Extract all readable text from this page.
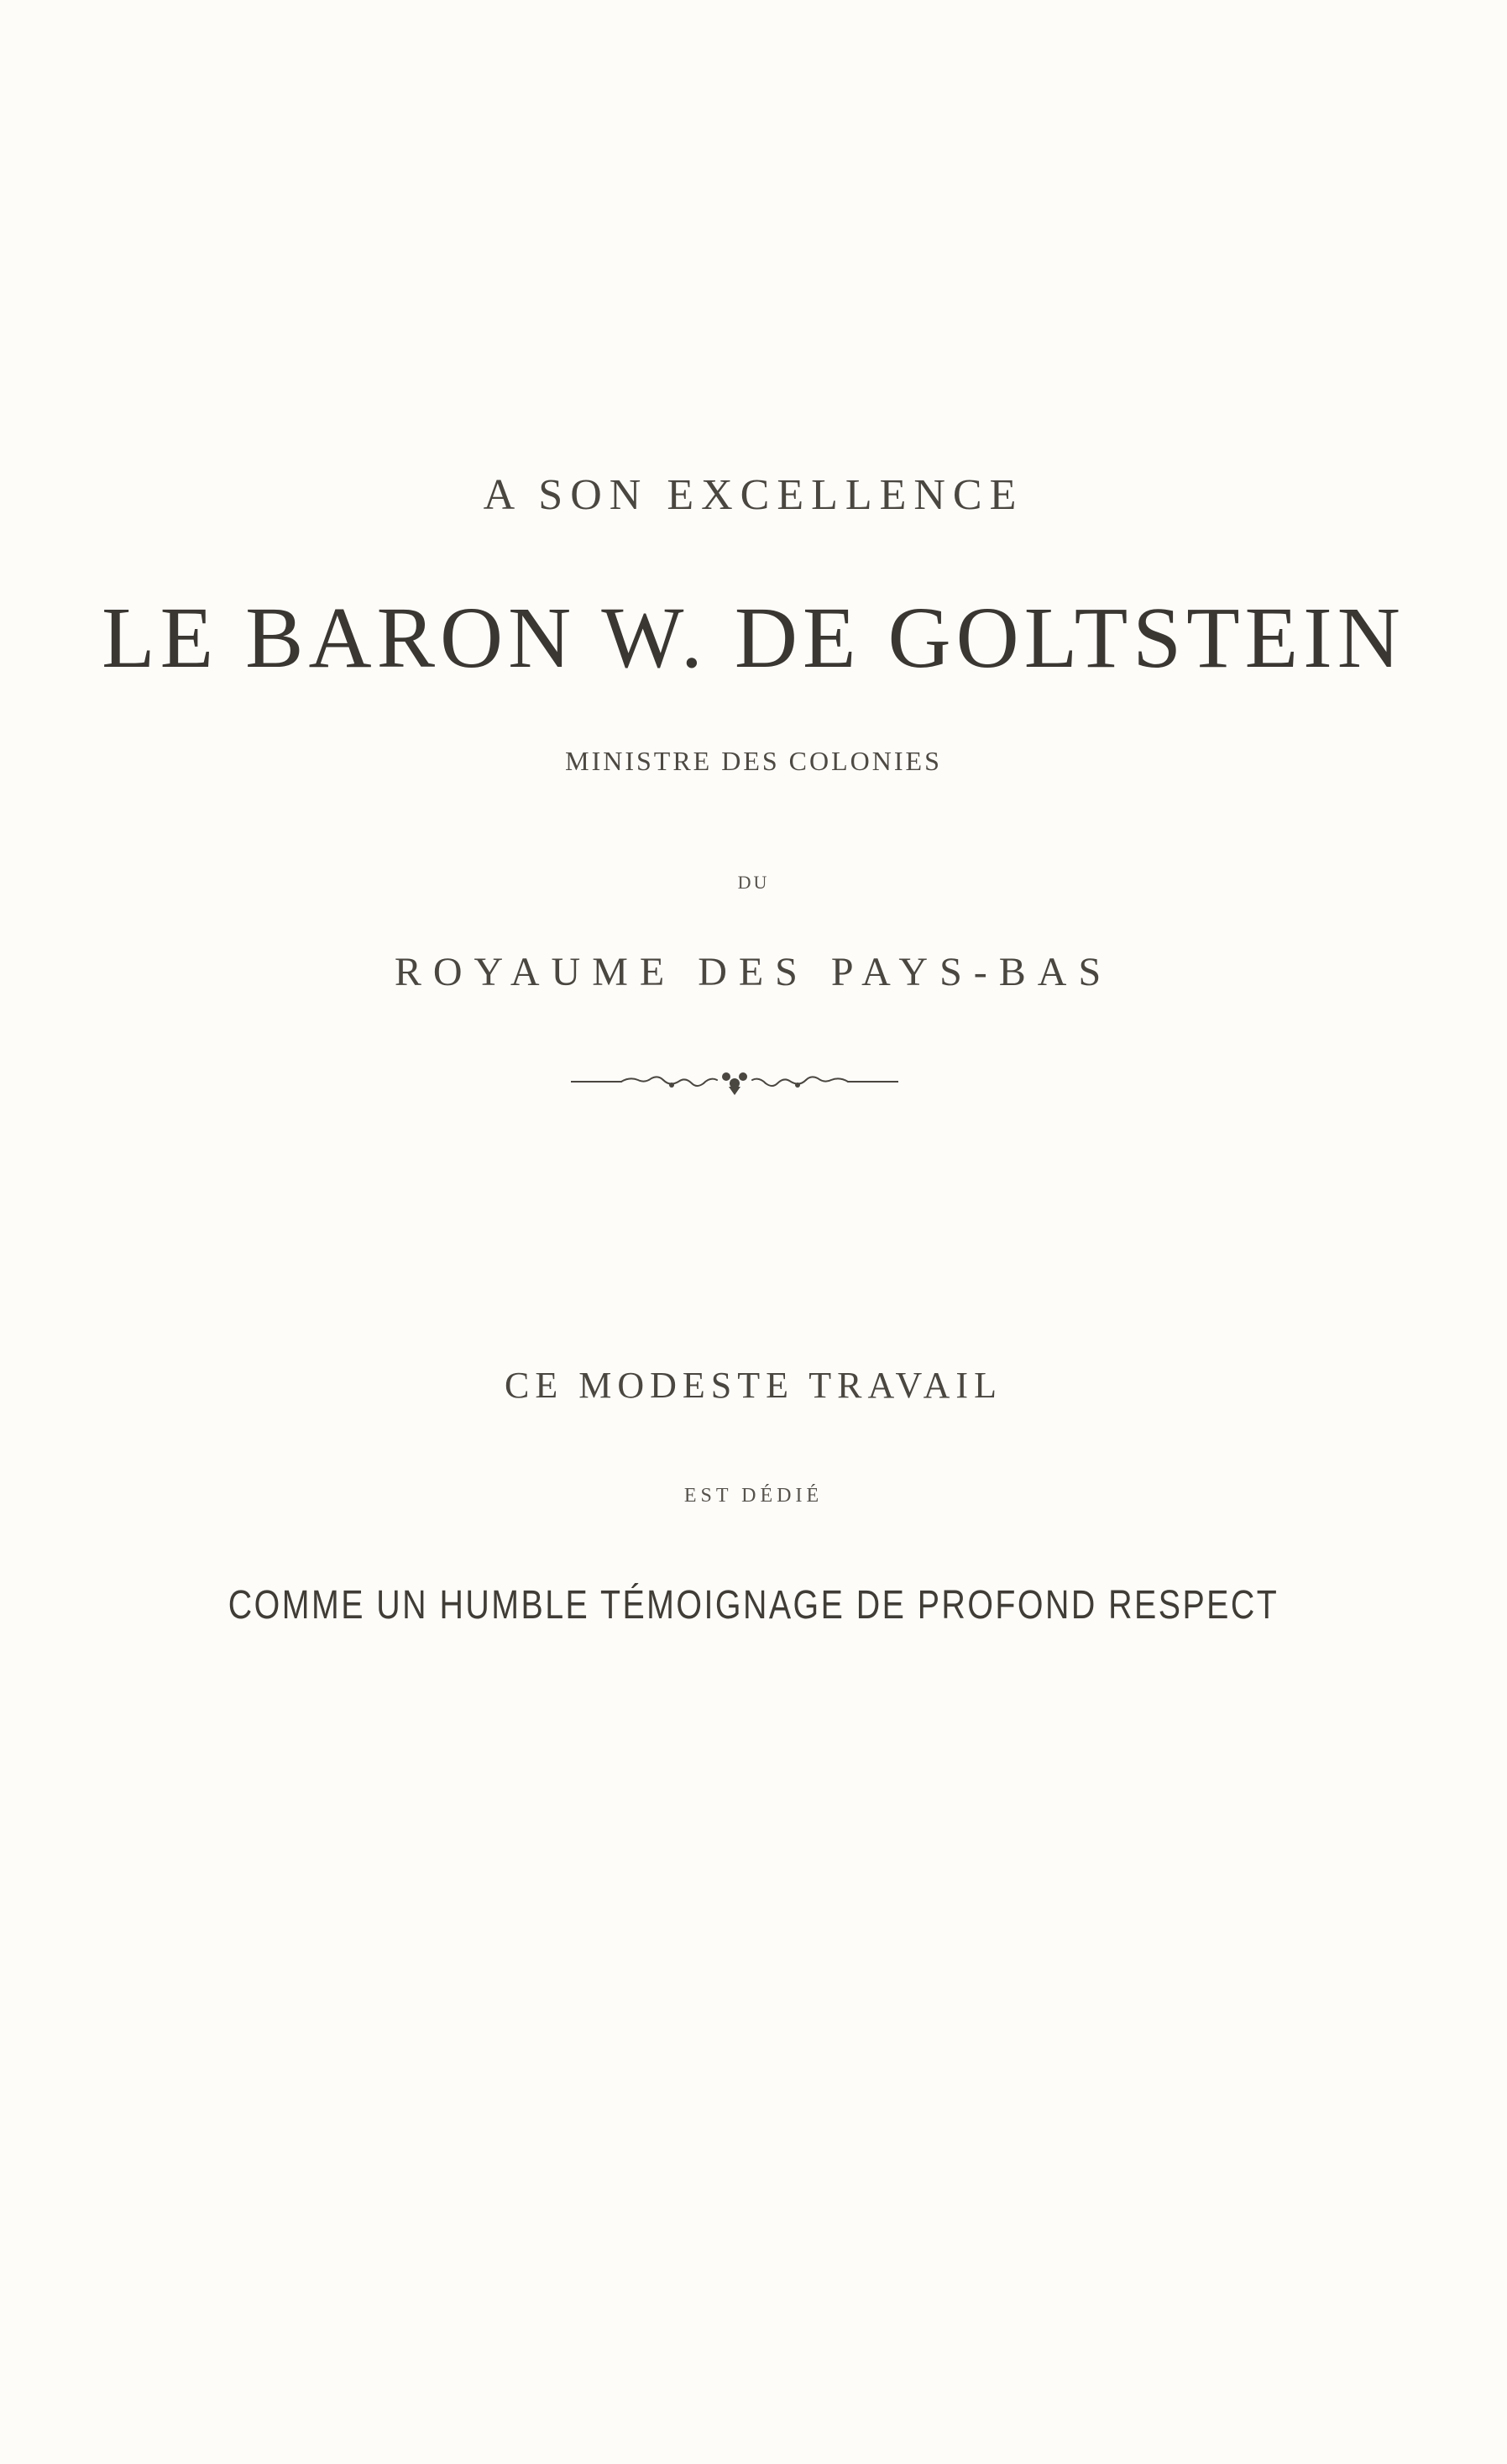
A SON EXCELLENCE
LE BARON W. DE GOLTSTEIN
MINISTRE DES COLONIES
DU
ROYAUME DES PAYS-BAS
CE MODESTE TRAVAIL
EST DÉDIÉ
COMME UN HUMBLE TÉMOIGNAGE DE PROFOND RESPECT
